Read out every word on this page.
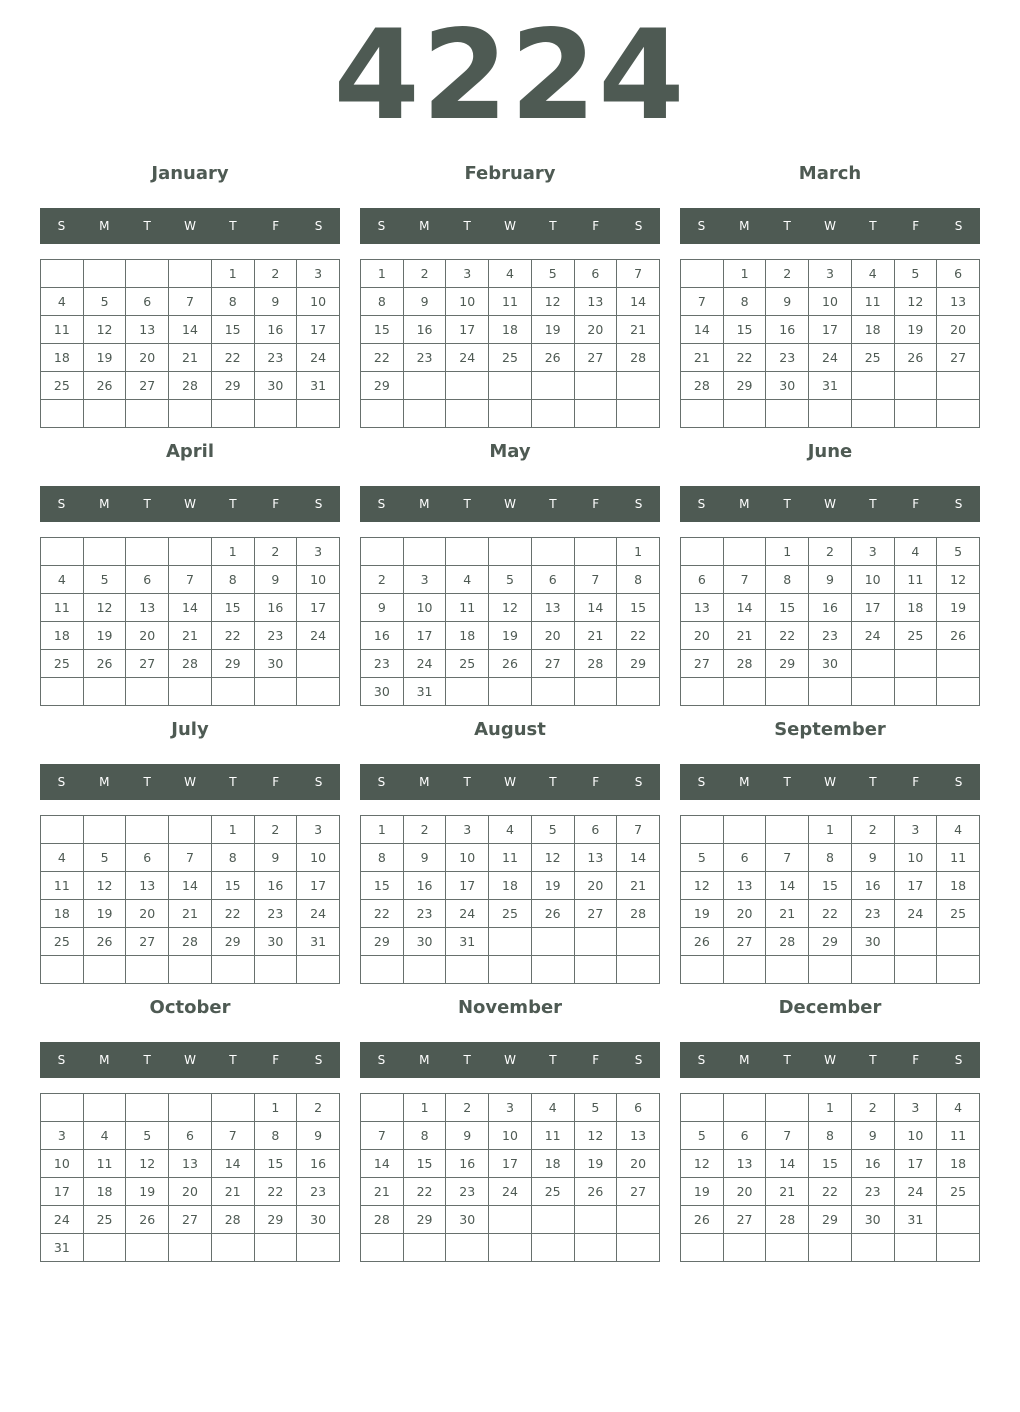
4224
January
S	M	T	W	T	F	S
				1	2	3
4	5	6	7	8	9	10
11	12	13	14	15	16	17
18	19	20	21	22	23	24
25	26	27	28	29	30	31

February
S	M	T	W	T	F	S
1	2	3	4	5	6	7
8	9	10	11	12	13	14
15	16	17	18	19	20	21
22	23	24	25	26	27	28
29						

March
S	M	T	W	T	F	S
	1	2	3	4	5	6
7	8	9	10	11	12	13
14	15	16	17	18	19	20
21	22	23	24	25	26	27
28	29	30	31			

April
S	M	T	W	T	F	S
				1	2	3
4	5	6	7	8	9	10
11	12	13	14	15	16	17
18	19	20	21	22	23	24
25	26	27	28	29	30	

May
S	M	T	W	T	F	S
						1
2	3	4	5	6	7	8
9	10	11	12	13	14	15
16	17	18	19	20	21	22
23	24	25	26	27	28	29
30	31					
June
S	M	T	W	T	F	S
		1	2	3	4	5
6	7	8	9	10	11	12
13	14	15	16	17	18	19
20	21	22	23	24	25	26
27	28	29	30			

July
S	M	T	W	T	F	S
				1	2	3
4	5	6	7	8	9	10
11	12	13	14	15	16	17
18	19	20	21	22	23	24
25	26	27	28	29	30	31

August
S	M	T	W	T	F	S
1	2	3	4	5	6	7
8	9	10	11	12	13	14
15	16	17	18	19	20	21
22	23	24	25	26	27	28
29	30	31				

September
S	M	T	W	T	F	S
			1	2	3	4
5	6	7	8	9	10	11
12	13	14	15	16	17	18
19	20	21	22	23	24	25
26	27	28	29	30		

October
S	M	T	W	T	F	S
					1	2
3	4	5	6	7	8	9
10	11	12	13	14	15	16
17	18	19	20	21	22	23
24	25	26	27	28	29	30
31						
November
S	M	T	W	T	F	S
	1	2	3	4	5	6
7	8	9	10	11	12	13
14	15	16	17	18	19	20
21	22	23	24	25	26	27
28	29	30				

December
S	M	T	W	T	F	S
			1	2	3	4
5	6	7	8	9	10	11
12	13	14	15	16	17	18
19	20	21	22	23	24	25
26	27	28	29	30	31	
